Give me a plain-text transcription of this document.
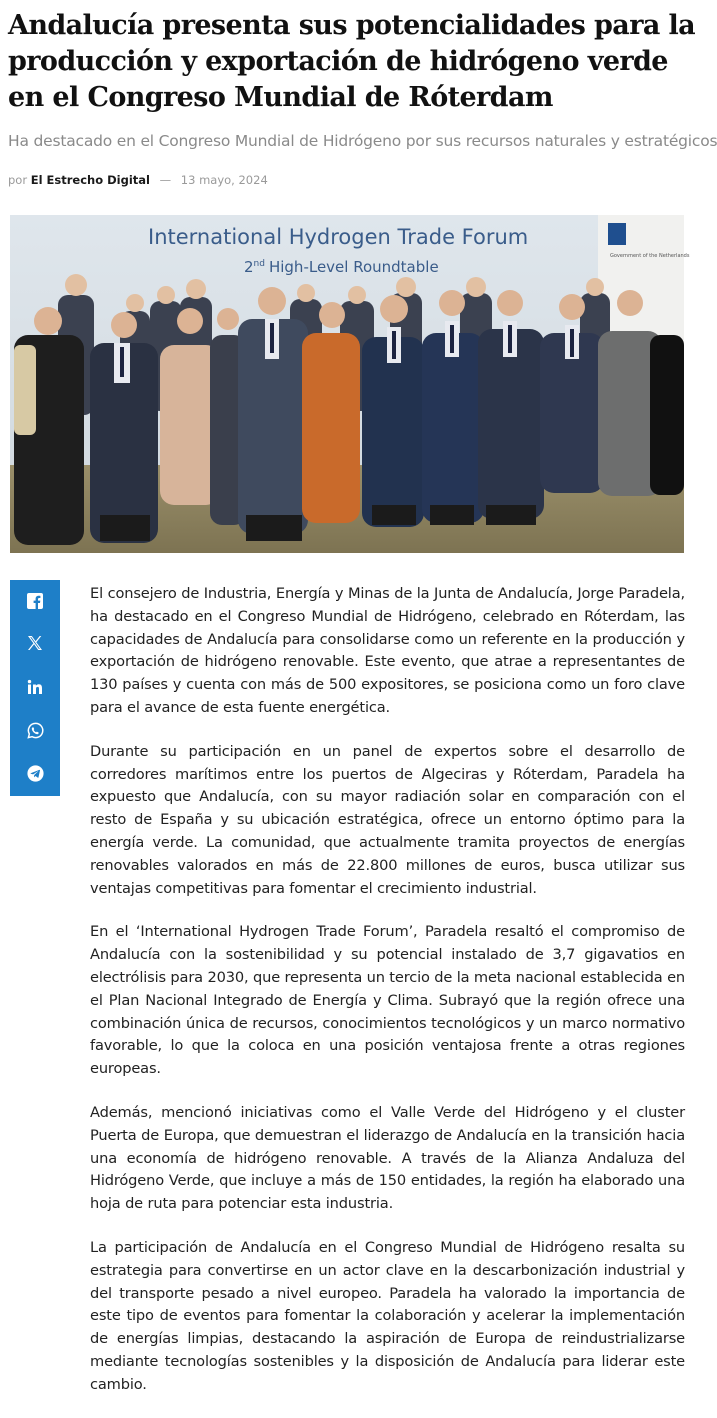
Andalucía presenta sus potencialidades para la producción y exportación de hidrógeno verde en el Congreso Mundial de Róterdam
Ha destacado en el Congreso Mundial de Hidrógeno por sus recursos naturales y estratégicos
por El Estrecho Digital — 13 mayo, 2024
Government of the Netherlands
International Hydrogen Trade Forum
2nd High-Level Roundtable

El consejero de Industria, Energía y Minas de la Junta de Andalucía, Jorge Paradela, ha destacado en el Congreso Mundial de Hidrógeno, celebrado en Róterdam, las capacidades de Andalucía para consolidarse como un referente en la producción y exportación de hidrógeno renovable. Este evento, que atrae a representantes de 130 países y cuenta con más de 500 expositores, se posiciona como un foro clave para el avance de esta fuente energética.

Durante su participación en un panel de expertos sobre el desarrollo de corredores marítimos entre los puertos de Algeciras y Róterdam, Paradela ha expuesto que Andalucía, con su mayor radiación solar en comparación con el resto de España y su ubicación estratégica, ofrece un entorno óptimo para la energía verde. La comunidad, que actualmente tramita proyectos de energías renovables valorados en más de 22.800 millones de euros, busca utilizar sus ventajas competitivas para fomentar el crecimiento industrial.

En el ‘International Hydrogen Trade Forum’, Paradela resaltó el compromiso de Andalucía con la sostenibilidad y su potencial instalado de 3,7 gigavatios en electrólisis para 2030, que representa un tercio de la meta nacional establecida en el Plan Nacional Integrado de Energía y Clima. Subrayó que la región ofrece una combinación única de recursos, conocimientos tecnológicos y un marco normativo favorable, lo que la coloca en una posición ventajosa frente a otras regiones europeas.

Además, mencionó iniciativas como el Valle Verde del Hidrógeno y el cluster Puerta de Europa, que demuestran el liderazgo de Andalucía en la transición hacia una economía de hidrógeno renovable. A través de la Alianza Andaluza del Hidrógeno Verde, que incluye a más de 150 entidades, la región ha elaborado una hoja de ruta para potenciar esta industria.

La participación de Andalucía en el Congreso Mundial de Hidrógeno resalta su estrategia para convertirse en un actor clave en la descarbonización industrial y del transporte pesado a nivel europeo. Paradela ha valorado la importancia de este tipo de eventos para fomentar la colaboración y acelerar la implementación de energías limpias, destacando la aspiración de Europa de reindustrializarse mediante tecnologías sostenibles y la disposición de Andalucía para liderar este cambio.
